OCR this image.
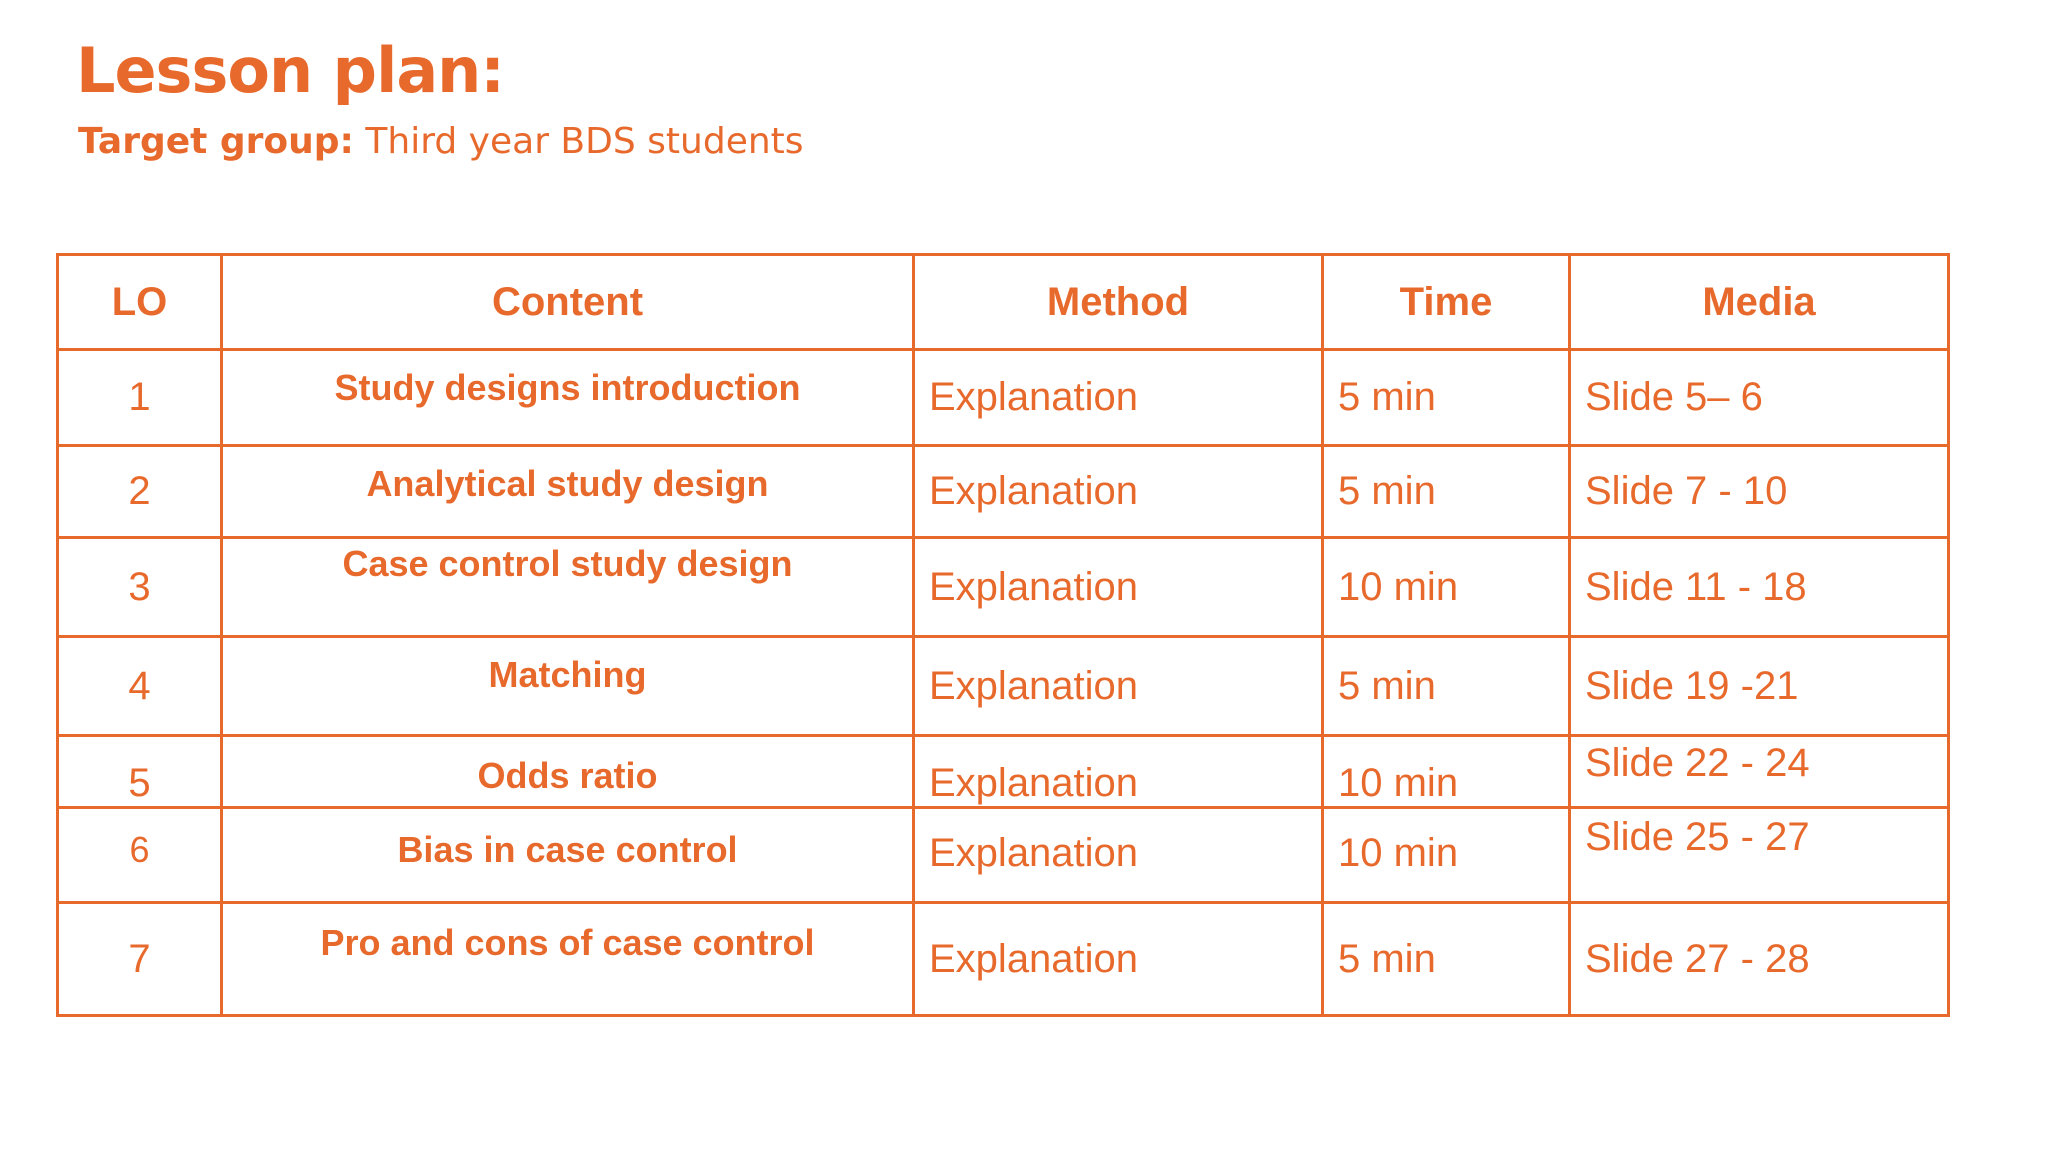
Lesson plan:
Target group: Third year BDS students
LO	Content	Method	Time	Media
1	Study designs introduction	Explanation	5 min	Slide 5– 6
2	Analytical study design	Explanation	5 min	Slide 7 - 10
3	Case control study design	Explanation	10 min	Slide 11 - 18
4	Matching	Explanation	5 min	Slide 19 -21
5	Odds ratio	Explanation	10 min	Slide 22 - 24
6	Bias in case control	Explanation	10 min	Slide 25 - 27
7	Pro and cons of case control	Explanation	5 min	Slide 27 - 28
